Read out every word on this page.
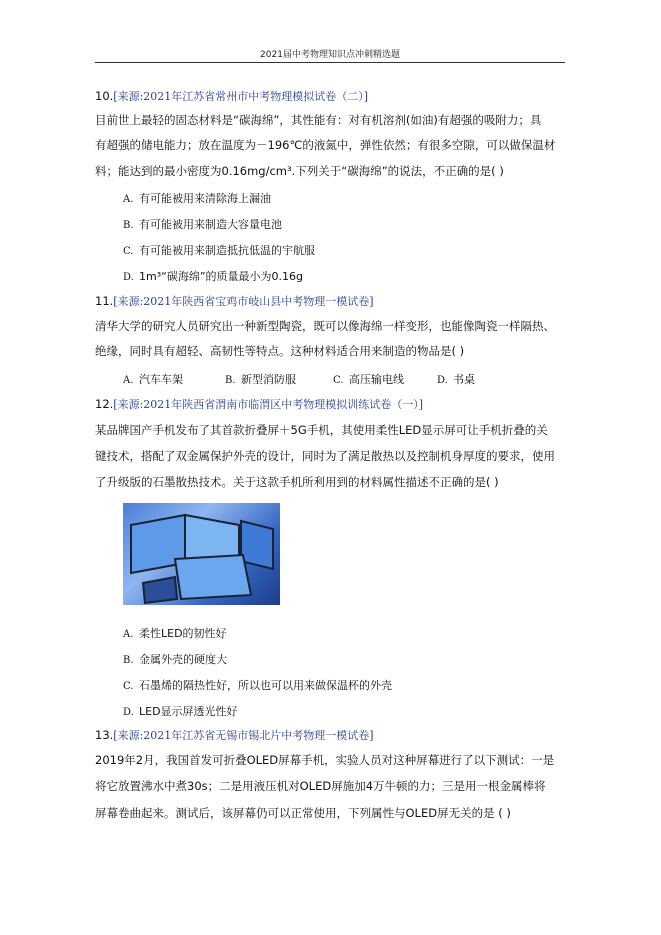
2021届中考物理知识点冲刺精选题
10.[来源:2021年江苏省常州市中考物理模拟试卷（二）]
目前世上最轻的固态材料是“碳海绵”，其性能有：对有机溶剂(如油)有超强的吸附力；具
有超强的储电能力；放在温度为－196℃的液氮中，弹性依然；有很多空隙，可以做保温材
料；能达到的最小密度为0.16mg/cm³.下列关于“碳海绵”的说法，不正确的是( )
A. 有可能被用来清除海上漏油
B. 有可能被用来制造大容量电池
C. 有可能被用来制造抵抗低温的宇航服
D. 1m³“碳海绵”的质量最小为0.16g
11.[来源:2021年陕西省宝鸡市岐山县中考物理一模试卷]
清华大学的研究人员研究出一种新型陶瓷，既可以像海绵一样变形，也能像陶瓷一样隔热、
绝缘，同时具有超轻、高韧性等特点。这种材料适合用来制造的物品是( )
A. 汽车车架	B. 新型消防服	C. 高压输电线	D. 书桌
12.[来源:2021年陕西省渭南市临渭区中考物理模拟训练试卷（一）]
某品牌国产手机发布了其首款折叠屏＋5G手机，其使用柔性LED显示屏可让手机折叠的关
键技术，搭配了双金属保护外壳的设计，同时为了满足散热以及控制机身厚度的要求，使用
了升级版的石墨散热技术。关于这款手机所利用到的材料属性描述不正确的是( )
A. 柔性LED的韧性好
B. 金属外壳的硬度大
C. 石墨烯的隔热性好，所以也可以用来做保温杯的外壳
D. LED显示屏透光性好
13.[来源:2021年江苏省无锡市锡北片中考物理一模试卷]
2019年2月，我国首发可折叠OLED屏幕手机，实验人员对这种屏幕进行了以下测试：一是
将它放置沸水中煮30s；二是用液压机对OLED屏施加4万牛顿的力；三是用一根金属棒将
屏幕卷曲起来。测试后，该屏幕仍可以正常使用，下列属性与OLED屏无关的是 ( )
